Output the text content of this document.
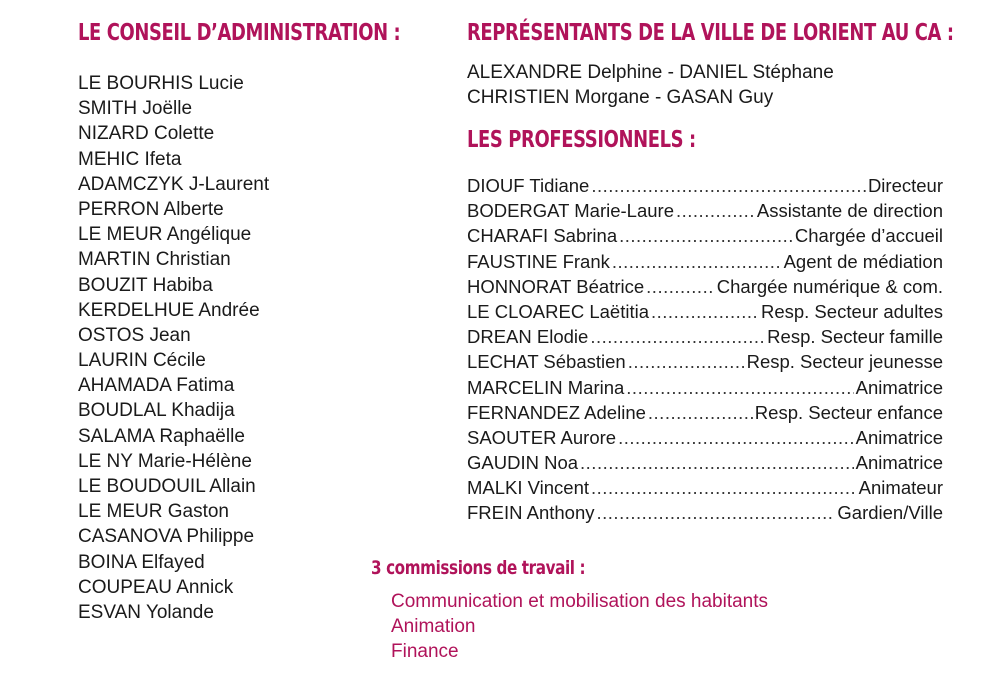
LE CONSEIL D’ADMINISTRATION :
LE BOURHIS Lucie
SMITH Joëlle
NIZARD Colette
MEHIC Ifeta
ADAMCZYK J-Laurent
PERRON Alberte
LE MEUR Angélique
MARTIN Christian
BOUZIT Habiba
KERDELHUE Andrée
OSTOS Jean
LAURIN Cécile
AHAMADA Fatima
BOUDLAL Khadija
SALAMA Raphaëlle
LE NY Marie-Hélène
LE BOUDOUIL Allain
LE MEUR Gaston
CASANOVA Philippe
BOINA Elfayed
COUPEAU Annick
ESVAN Yolande
REPRÉSENTANTS DE LA VILLE DE LORIENT AU CA :
ALEXANDRE Delphine - DANIEL Stéphane
CHRISTIEN Morgane - GASAN Guy
LES PROFESSIONNELS :
DIOUF Tidiane .....	Directeur
BODERGAT Marie-Laure .....	Assistante de direction
CHARAFI Sabrina .....	Chargée d’accueil
FAUSTINE Frank .....	Agent de médiation
HONNORAT Béatrice .....	Chargée numérique & com.
LE CLOAREC Laëtitia .....	Resp. Secteur adultes
DREAN Elodie .....	Resp. Secteur famille
LECHAT Sébastien .....	Resp. Secteur jeunesse
MARCELIN Marina .....	Animatrice
FERNANDEZ Adeline .....	Resp. Secteur enfance
SAOUTER Aurore .....	Animatrice
GAUDIN Noa .....	Animatrice
MALKI Vincent .....	Animateur
FREIN Anthony .....	Gardien/Ville
3 commissions de travail :
Communication et mobilisation des habitants
Animation
Finance
